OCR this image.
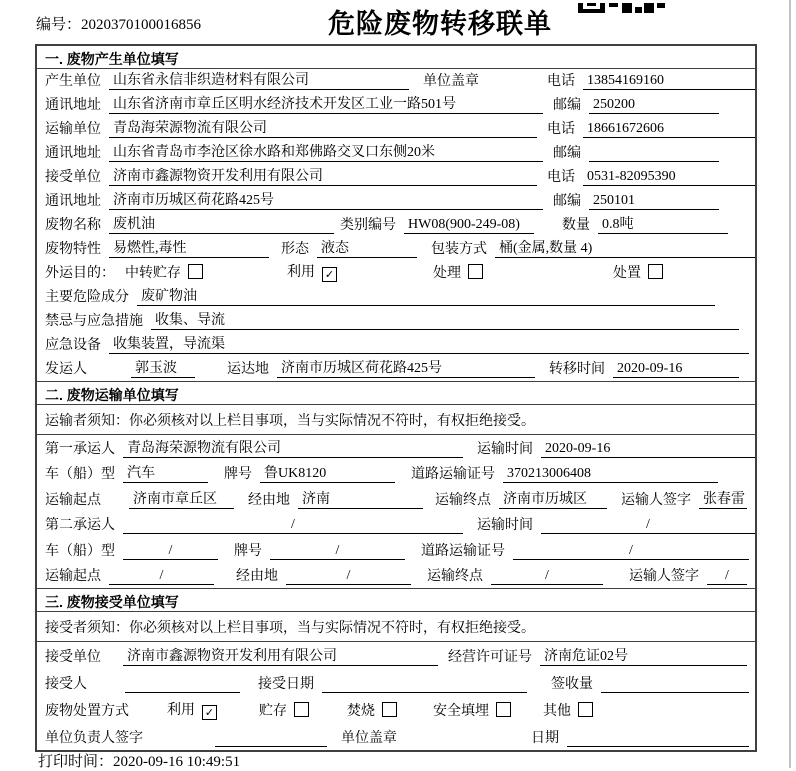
编号：2020370100016856	危险废物转移联单
一. 废物产生单位填写
产生单位 山东省永信非织造材料有限公司	单位盖章	电话 13854169160
通讯地址 山东省济南市章丘区明水经济技术开发区工业一路501号	邮编 250200
运输单位 青岛海荣源物流有限公司	电话 18661672606
通讯地址 山东省青岛市李沧区徐水路和郑佛路交叉口东侧20米	邮编
接受单位 济南市鑫源物资开发利用有限公司	电话 0531-82095390
通讯地址 济南市历城区荷花路425号	邮编 250101
废物名称 废机油	类别编号 HW08(900-249-08)	数量 0.8吨
废物特性 易燃性,毒性	形态 液态	包装方式 桶(金属,数量 4)
外运目的： 中转贮存	利用 ✓	处理	处置
主要危险成分 废矿物油
禁忌与应急措施 收集、导流
应急设备 收集装置，导流渠
发运人	郭玉波	运达地 济南市历城区荷花路425号	转移时间 2020-09-16
二. 废物运输单位填写
运输者须知：你必须核对以上栏目事项，当与实际情况不符时，有权拒绝接受。
第一承运人 青岛海荣源物流有限公司	运输时间 2020-09-16
车（船）型 汽车	牌号 鲁UK8120	道路运输证号 370213006408
运输起点 济南市章丘区	经由地 济南	运输终点 济南市历城区	运输人签字 张春雷
第二承运人	/	运输时间	/
车（船）型	/	牌号	/	道路运输证号	/
运输起点	/	经由地	/	运输终点	/	运输人签字	/
三. 废物接受单位填写
接受者须知：你必须核对以上栏目事项，当与实际情况不符时，有权拒绝接受。
接受单位 济南市鑫源物资开发利用有限公司	经营许可证号 济南危证02号
接受人	接受日期	签收量
废物处置方式	利用 ✓	贮存	焚烧	安全填埋	其他
单位负责人签字	单位盖章	日期
打印时间：2020-09-16 10:49:51
